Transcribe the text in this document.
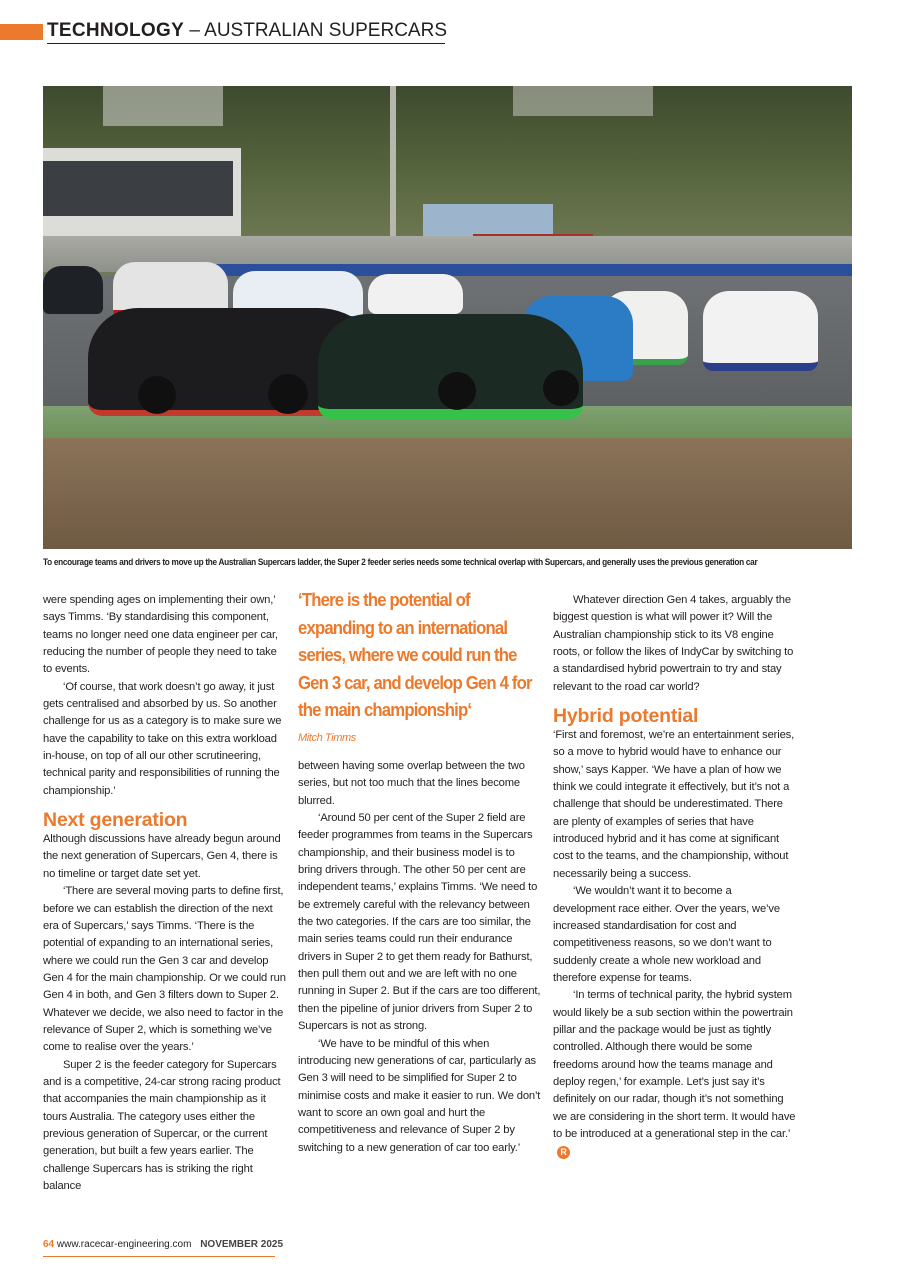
TECHNOLOGY – AUSTRALIAN SUPERCARS
To encourage teams and drivers to move up the Australian Supercars ladder, the Super 2 feeder series needs some technical overlap with Supercars, and generally uses the previous generation car

were spending ages on implementing their own,’ says Timms. ‘By standardising this component, teams no longer need one data engineer per car, reducing the number of people they need to take to events.

‘Of course, that work doesn’t go away, it just gets centralised and absorbed by us. So another challenge for us as a category is to make sure we have the capability to take on this extra workload in-house, on top of all our other scrutineering, technical parity and responsibilities of running the championship.’

Next generation

Although discussions have already begun around the next generation of Supercars, Gen 4, there is no timeline or target date set yet.

‘There are several moving parts to define first, before we can establish the direction of the next era of Supercars,’ says Timms. ‘There is the potential of expanding to an international series, where we could run the Gen 3 car and develop Gen 4 for the main championship. Or we could run Gen 4 in both, and Gen 3 filters down to Super 2. Whatever we decide, we also need to factor in the relevance of Super 2, which is something we’ve come to realise over the years.’

Super 2 is the feeder category for Supercars and is a competitive, 24-car strong racing product that accompanies the main championship as it tours Australia. The category uses either the previous generation of Supercar, or the current generation, but built a few years earlier. The challenge Supercars has is striking the right balance

‘There is the potential of expanding to an international series, where we could run the Gen 3 car, and develop Gen 4 for the main championship‘
Mitch Timms

between having some overlap between the two series, but not too much that the lines become blurred.

‘Around 50 per cent of the Super 2 field are feeder programmes from teams in the Supercars championship, and their business model is to bring drivers through. The other 50 per cent are independent teams,’ explains Timms. ‘We need to be extremely careful with the relevancy between the two categories. If the cars are too similar, the main series teams could run their endurance drivers in Super 2 to get them ready for Bathurst, then pull them out and we are left with no one running in Super 2. But if the cars are too different, then the pipeline of junior drivers from Super 2 to Supercars is not as strong.

‘We have to be mindful of this when introducing new generations of car, particularly as Gen 3 will need to be simplified for Super 2 to minimise costs and make it easier to run. We don’t want to score an own goal and hurt the competitiveness and relevance of Super 2 by switching to a new generation of car too early.’

Whatever direction Gen 4 takes, arguably the biggest question is what will power it? Will the Australian championship stick to its V8 engine roots, or follow the likes of IndyCar by switching to a standardised hybrid powertrain to try and stay relevant to the road car world?

Hybrid potential

‘First and foremost, we’re an entertainment series, so a move to hybrid would have to enhance our show,’ says Kapper. ‘We have a plan of how we think we could integrate it effectively, but it’s not a challenge that should be underestimated. There are plenty of examples of series that have introduced hybrid and it has come at significant cost to the teams, and the championship, without necessarily being a success.

‘We wouldn’t want it to become a development race either. Over the years, we’ve increased standardisation for cost and competitiveness reasons, so we don’t want to suddenly create a whole new workload and therefore expense for teams.

‘In terms of technical parity, the hybrid system would likely be a sub section within the powertrain pillar and the package would be just as tightly controlled. Although there would be some freedoms around how the teams manage and deploy regen,’ for example. Let’s just say it’s definitely on our radar, though it’s not something we are considering in the short term. It would have to be introduced at a generational step in the car.’R

64 www.racecar-engineering.com NOVEMBER 2025
